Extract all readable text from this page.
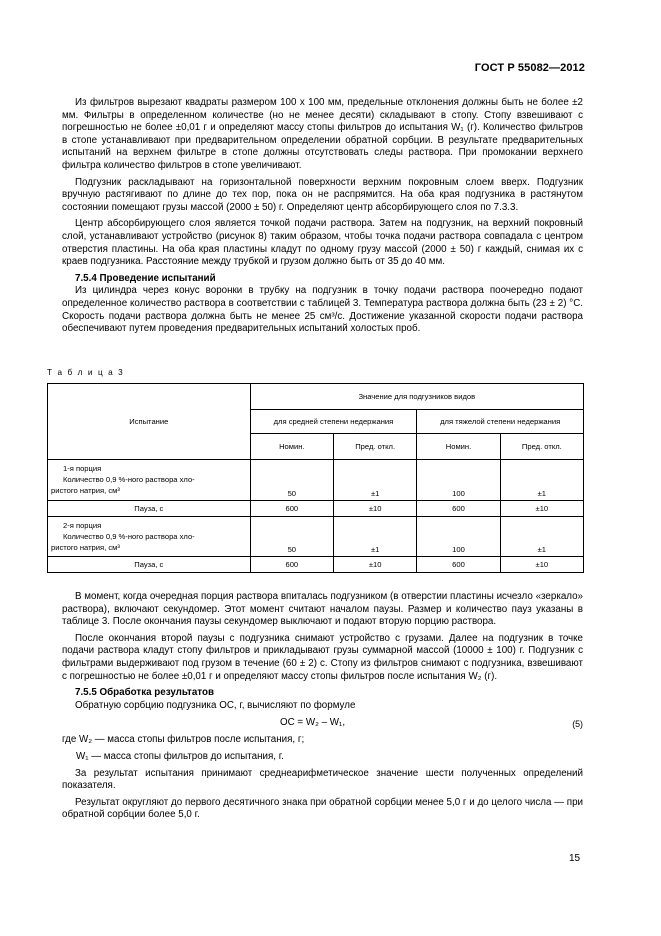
ГОСТ Р 55082—2012

Из фильтров вырезают квадраты размером 100 x 100 мм, предельные отклонения должны быть не более ±2 мм. Фильтры в определенном количестве (но не менее десяти) складывают в стопу. Стопу взвешивают с погрешностью не более ±0,01 г и определяют массу стопы фильтров до испытания W₁ (г). Количество фильтров в стопе устанавливают при предварительном определении обратной сорбции. В результате предварительных испытаний на верхнем фильтре в стопе должны отсутствовать следы раствора. При промокании верхнего фильтра количество фильтров в стопе увеличивают.

Подгузник раскладывают на горизонтальной поверхности верхним покровным слоем вверх. Подгузник вручную растягивают по длине до тех пор, пока он не распрямится. На оба края подгузника в растянутом состоянии помещают грузы массой (2000 ± 50) г. Определяют центр абсорбирующего слоя по 7.3.3.

Центр абсорбирующего слоя является точкой подачи раствора. Затем на подгузник, на верхний покровный слой, устанавливают устройство (рисунок 8) таким образом, чтобы точка подачи раствора совпадала с центром отверстия пластины. На оба края пластины кладут по одному грузу массой (2000 ± 50) г каждый, снимая их с краев подгузника. Расстояние между трубкой и грузом должно быть от 35 до 40 мм.

7.5.4 Проведение испытаний

Из цилиндра через конус воронки в трубку на подгузник в точку подачи раствора поочередно подают определенное количество раствора в соответствии с таблицей 3. Температура раствора должна быть (23 ± 2) °С. Скорость подачи раствора должна быть не менее 25 см³/с. Достижение указанной скорости подачи раствора обеспечивают путем проведения предварительных испытаний холостых проб.

Т а б л и ц а 3
Испытание	Значение для подгузников видов			
	для средней степени недержания		для тяжелой степени недержания	
	Номин.	Пред. откл.	Номин.	Пред. откл.

1-я порция
Количество 0,9 %-ного раствора хло-
ристого натрия, см³	50	±1	100	±1
Пауза, с	600	±10	600	±10

2-я порция
Количество 0,9 %-ного раствора хло-
ристого натрия, см³	50	±1	100	±1
Пауза, с	600	±10	600	±10

В момент, когда очередная порция раствора впиталась подгузником (в отверстии пластины исчезло «зеркало» раствора), включают секундомер. Этот момент считают началом паузы. Размер и количество пауз указаны в таблице 3. После окончания паузы секундомер выключают и подают вторую порцию раствора.

После окончания второй паузы с подгузника снимают устройство с грузами. Далее на подгузник в точке подачи раствора кладут стопу фильтров и прикладывают грузы суммарной массой (10000 ± 100) г. Подгузник с фильтрами выдерживают под грузом в течение (60 ± 2) с. Стопу из фильтров снимают с подгузника, взвешивают с погрешностью не более ±0,01 г и определяют массу стопы фильтров после испытания W₂ (г).

7.5.5 Обработка результатов

Обратную сорбцию подгузника ОС, г, вычисляют по формуле

ОС = W₂ – W₁,	(5)

где W₂ — масса стопы фильтров после испытания, г;

W₁ — масса стопы фильтров до испытания, г.

За результат испытания принимают среднеарифметическое значение шести полученных определений показателя.

Результат округляют до первого десятичного знака при обратной сорбции менее 5,0 г и до целого числа — при обратной сорбции более 5,0 г.

15
